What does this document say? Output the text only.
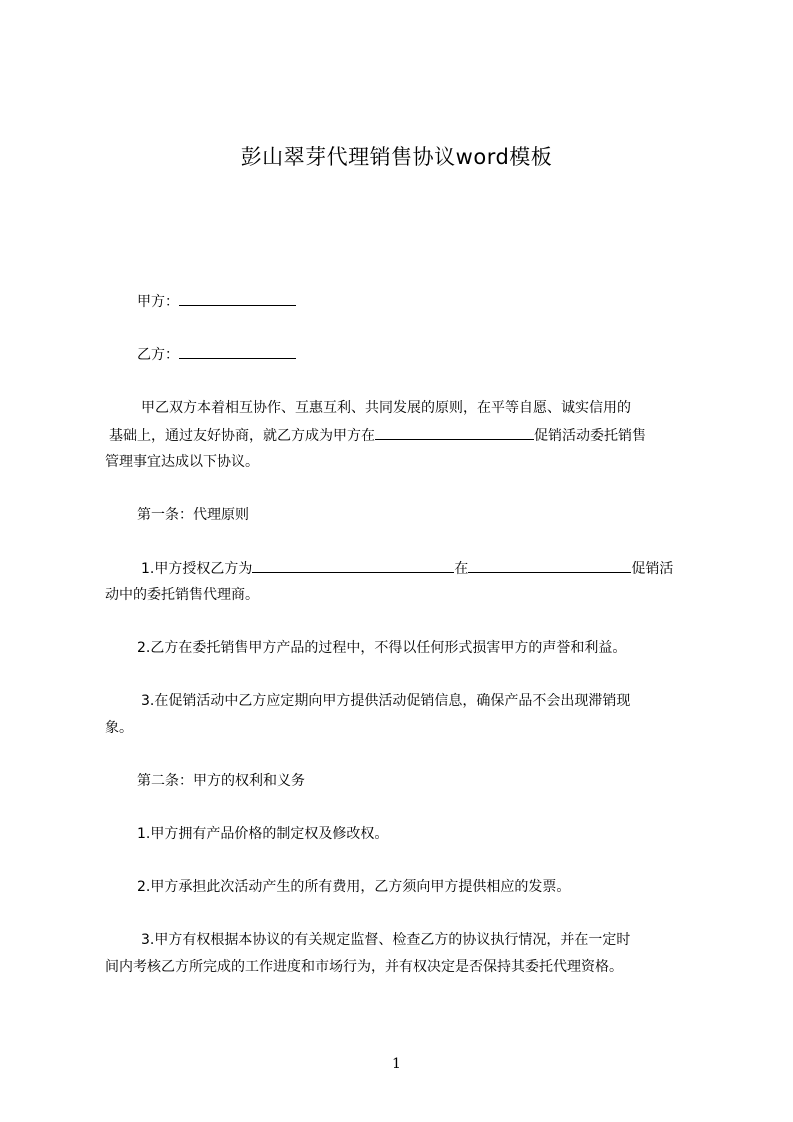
彭山翠芽代理销售协议word模板
甲方：
乙方：
甲乙双方本着相互协作、互惠互利、共同发展的原则，在平等自愿、诚实信用的
基础上，通过友好协商，就乙方成为甲方在	促销活动委托销售
管理事宜达成以下协议。
第一条：代理原则
1.甲方授权乙方为	在	促销活
动中的委托销售代理商。
2.乙方在委托销售甲方产品的过程中，不得以任何形式损害甲方的声誉和利益。
3.在促销活动中乙方应定期向甲方提供活动促销信息，确保产品不会出现滞销现
象。
第二条：甲方的权利和义务
1.甲方拥有产品价格的制定权及修改权。
2.甲方承担此次活动产生的所有费用，乙方须向甲方提供相应的发票。
3.甲方有权根据本协议的有关规定监督、检查乙方的协议执行情况，并在一定时
间内考核乙方所完成的工作进度和市场行为，并有权决定是否保持其委托代理资格。
1
